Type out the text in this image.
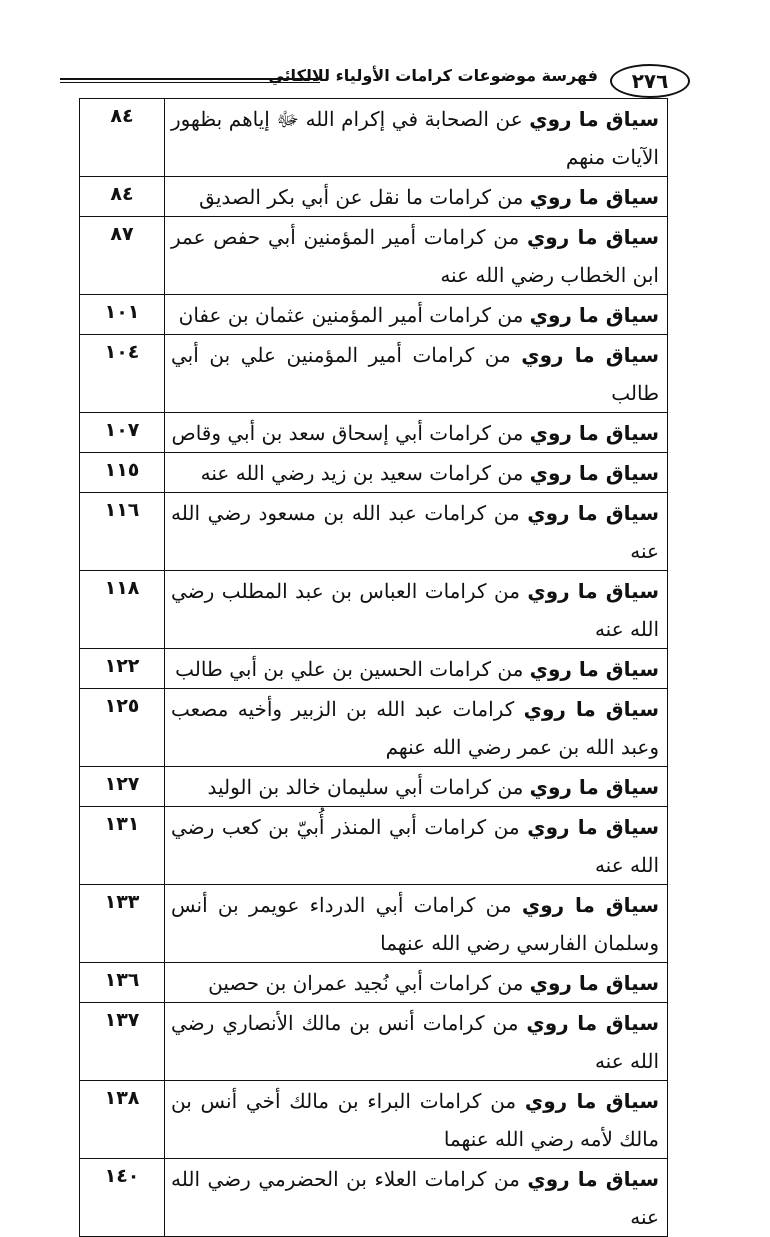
٢٧٦
فهرسة موضوعات كرامات الأولياء للالكائي
سياق ما روي عن الصحابة في إكرام الله ﷻ إياهم بظهور الآيات منهم	٨٤
سياق ما روي من كرامات ما نقل عن أبي بكر الصديق	٨٤
سياق ما روي من كرامات أمير المؤمنين أبي حفص عمر ابن الخطاب رضي الله عنه	٨٧
سياق ما روي من كرامات أمير المؤمنين عثمان بن عفان	١٠١
سياق ما روي من كرامات أمير المؤمنين علي بن أبي طالب	١٠٤
سياق ما روي من كرامات أبي إسحاق سعد بن أبي وقاص	١٠٧
سياق ما روي من كرامات سعيد بن زيد رضي الله عنه	١١٥
سياق ما روي من كرامات عبد الله بن مسعود رضي الله عنه	١١٦
سياق ما روي من كرامات العباس بن عبد المطلب رضي الله عنه	١١٨
سياق ما روي من كرامات الحسين بن علي بن أبي طالب	١٢٢
سياق ما روي كرامات عبد الله بن الزبير وأخيه مصعب وعبد الله بن عمر رضي الله عنهم	١٢٥
سياق ما روي من كرامات أبي سليمان خالد بن الوليد	١٢٧
سياق ما روي من كرامات أبي المنذر أُبيّ بن كعب رضي الله عنه	١٣١
سياق ما روي من كرامات أبي الدرداء عويمر بن أنس وسلمان الفارسي رضي الله عنهما	١٣٣
سياق ما روي من كرامات أبي نُجيد عمران بن حصين	١٣٦
سياق ما روي من كرامات أنس بن مالك الأنصاري رضي الله عنه	١٣٧
سياق ما روي من كرامات البراء بن مالك أخي أنس بن مالك لأمه رضي الله عنهما	١٣٨
سياق ما روي من كرامات العلاء بن الحضرمي رضي الله عنه	١٤٠
